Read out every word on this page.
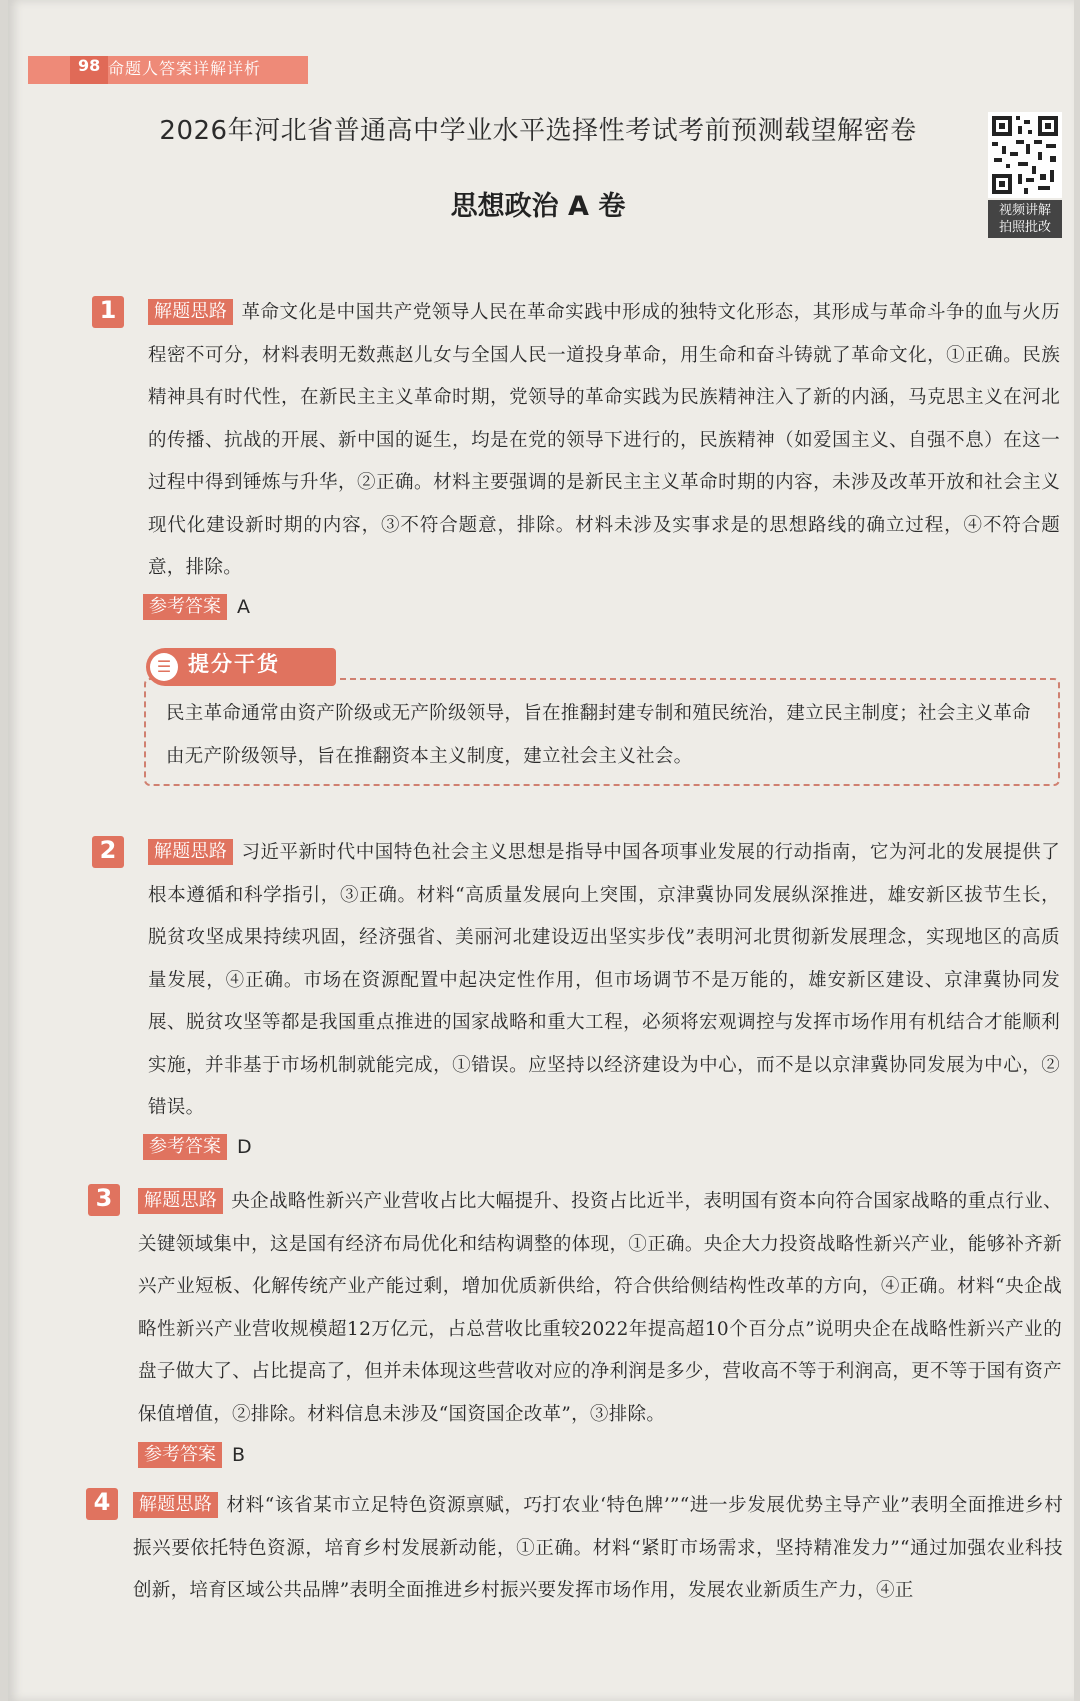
98 命题人答案详解详析
2026年河北省普通高中学业水平选择性考试考前预测载望解密卷
思想政治 A 卷	视频讲解
拍照批改
1	解题思路 革命文化是中国共产党领导人民在革命实践中形成的独特文化形态，其形成与革命斗争的血与火历程密不可分，材料表明无数燕赵儿女与全国人民一道投身革命，用生命和奋斗铸就了革命文化，①正确。民族精神具有时代性，在新民主主义革命时期，党领导的革命实践为民族精神注入了新的内涵，马克思主义在河北的传播、抗战的开展、新中国的诞生，均是在党的领导下进行的，民族精神（如爱国主义、自强不息）在这一过程中得到锤炼与升华，②正确。材料主要强调的是新民主主义革命时期的内容，未涉及改革开放和社会主义现代化建设新时期的内容，③不符合题意，排除。材料未涉及实事求是的思想路线的确立过程，④不符合题意，排除。
参考答案 A
☰ 提分干货
民主革命通常由资产阶级或无产阶级领导，旨在推翻封建专制和殖民统治，建立民主制度；社会主义革命由无产阶级领导，旨在推翻资本主义制度，建立社会主义社会。
2	解题思路 习近平新时代中国特色社会主义思想是指导中国各项事业发展的行动指南，它为河北的发展提供了根本遵循和科学指引，③正确。材料“高质量发展向上突围，京津冀协同发展纵深推进，雄安新区拔节生长，脱贫攻坚成果持续巩固，经济强省、美丽河北建设迈出坚实步伐”表明河北贯彻新发展理念，实现地区的高质量发展，④正确。市场在资源配置中起决定性作用，但市场调节不是万能的，雄安新区建设、京津冀协同发展、脱贫攻坚等都是我国重点推进的国家战略和重大工程，必须将宏观调控与发挥市场作用有机结合才能顺利实施，并非基于市场机制就能完成，①错误。应坚持以经济建设为中心，而不是以京津冀协同发展为中心，②错误。
参考答案 D
3	解题思路 央企战略性新兴产业营收占比大幅提升、投资占比近半，表明国有资本向符合国家战略的重点行业、关键领域集中，这是国有经济布局优化和结构调整的体现，①正确。央企大力投资战略性新兴产业，能够补齐新兴产业短板、化解传统产业产能过剩，增加优质新供给，符合供给侧结构性改革的方向，④正确。材料“央企战略性新兴产业营收规模超12万亿元，占总营收比重较2022年提高超10个百分点”说明央企在战略性新兴产业的盘子做大了、占比提高了，但并未体现这些营收对应的净利润是多少，营收高不等于利润高，更不等于国有资产保值增值，②排除。材料信息未涉及“国资国企改革”，③排除。
参考答案 B
4	解题思路 材料“该省某市立足特色资源禀赋，巧打农业‘特色牌’”“进一步发展优势主导产业”表明全面推进乡村振兴要依托特色资源，培育乡村发展新动能，①正确。材料“紧盯市场需求，坚持精准发力”“通过加强农业科技创新，培育区域公共品牌”表明全面推进乡村振兴要发挥市场作用，发展农业新质生产力，④正
